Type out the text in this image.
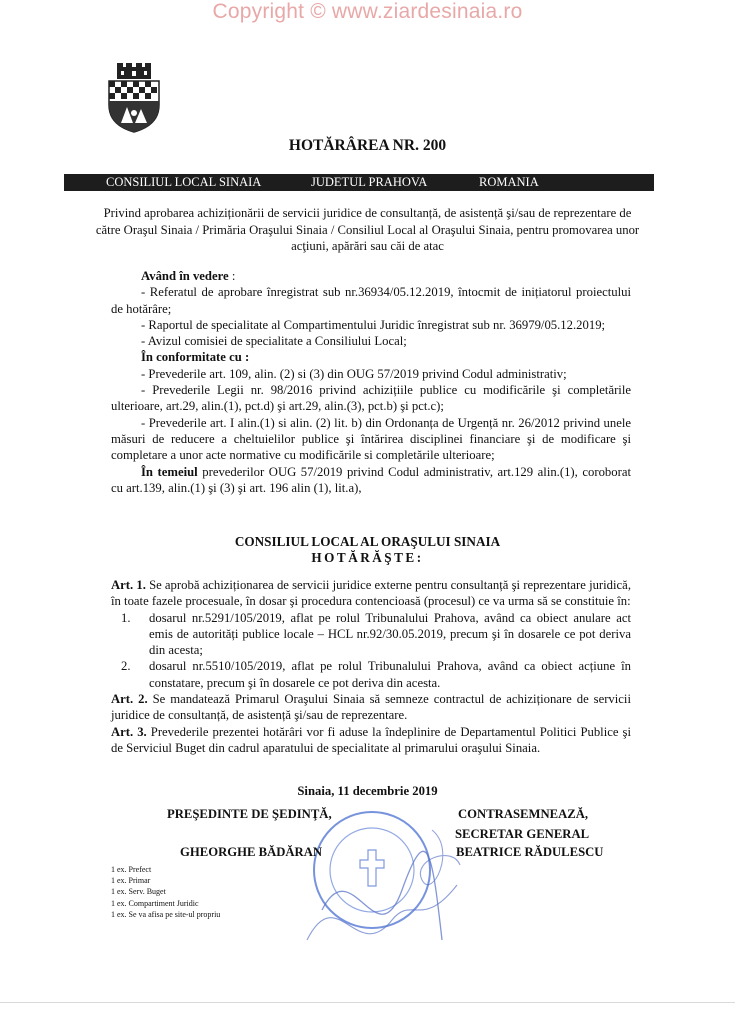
Copyright © www.ziardesinaia.ro
HOTĂRÂREA NR. 200

CONSILIUL LOCAL SINAIA

	JUDETUL PRAHOVA

	ROMANIA

Privind aprobarea achiziționării de servicii juridice de consultanță, de asistență şi/sau de reprezentare de către Oraşul Sinaia / Primăria Oraşului Sinaia / Consiliul Local al Oraşului Sinaia, pentru promovarea unor acţiuni, apărări sau căi de atac

Având în vedere :

- Referatul de aprobare înregistrat sub nr.36934/05.12.2019, întocmit de inițiatorul proiectului de hotărâre;

- Raportul de specialitate al Compartimentului Juridic înregistrat sub nr. 36979/05.12.2019;

- Avizul comisiei de specialitate a Consiliului Local;

În conformitate cu :

- Prevederile art. 109, alin. (2) si (3) din OUG 57/2019 privind Codul administrativ;

- Prevederile Legii nr. 98/2016 privind achizițiile publice cu modificările şi completările ulterioare, art.29, alin.(1), pct.d) şi art.29, alin.(3), pct.b) şi pct.c);

- Prevederile art. I alin.(1) si alin. (2) lit. b) din Ordonanța de Urgență nr. 26/2012 privind unele măsuri de reducere a cheltuielilor publice şi întărirea disciplinei financiare şi de modificare şi completare a unor acte normative cu modificările si completările ulterioare;

În temeiul prevederilor OUG 57/2019 privind Codul administrativ, art.129 alin.(1), coroborat cu art.139, alin.(1) şi (3) şi art. 196 alin (1), lit.a),

CONSILIUL LOCAL AL ORAŞULUI SINAIA
HOTĂRĂŞTE:

Art. 1. Se aprobă achiziționarea de servicii juridice externe pentru consultanță şi reprezentare juridică, în toate fazele procesuale, în dosar şi procedura contencioasă (procesul) ce va urma să se constituie în:

1. dosarul nr.5291/105/2019, aflat pe rolul Tribunalului Prahova, având ca obiect anulare act emis de autorități publice locale – HCL nr.92/30.05.2019, precum şi în dosarele ce pot deriva din acesta;
2. dosarul nr.5510/105/2019, aflat pe rolul Tribunalului Prahova, având ca obiect acțiune în constatare, precum şi în dosarele ce pot deriva din acesta.

Art. 2. Se mandatează Primarul Oraşului Sinaia să semneze contractul de achiziționare de servicii juridice de consultanță, de asistență şi/sau de reprezentare.

Art. 3. Prevederile prezentei hotărâri vor fi aduse la îndeplinire de Departamentul Politici Publice şi de Serviciul Buget din cadrul aparatului de specialitate al primarului oraşului Sinaia.

Sinaia, 11 decembrie 2019
PREŞEDINTE DE ŞEDINŢĂ,
GHEORGHE BĂDĂRAN
CONTRASEMNEAZĂ,
SECRETAR GENERAL
BEATRICE RĂDULESCU
1 ex. Prefect
1 ex. Primar
1 ex. Serv. Buget
1 ex. Compartiment Juridic
1 ex. Se va afisa pe site-ul propriu
